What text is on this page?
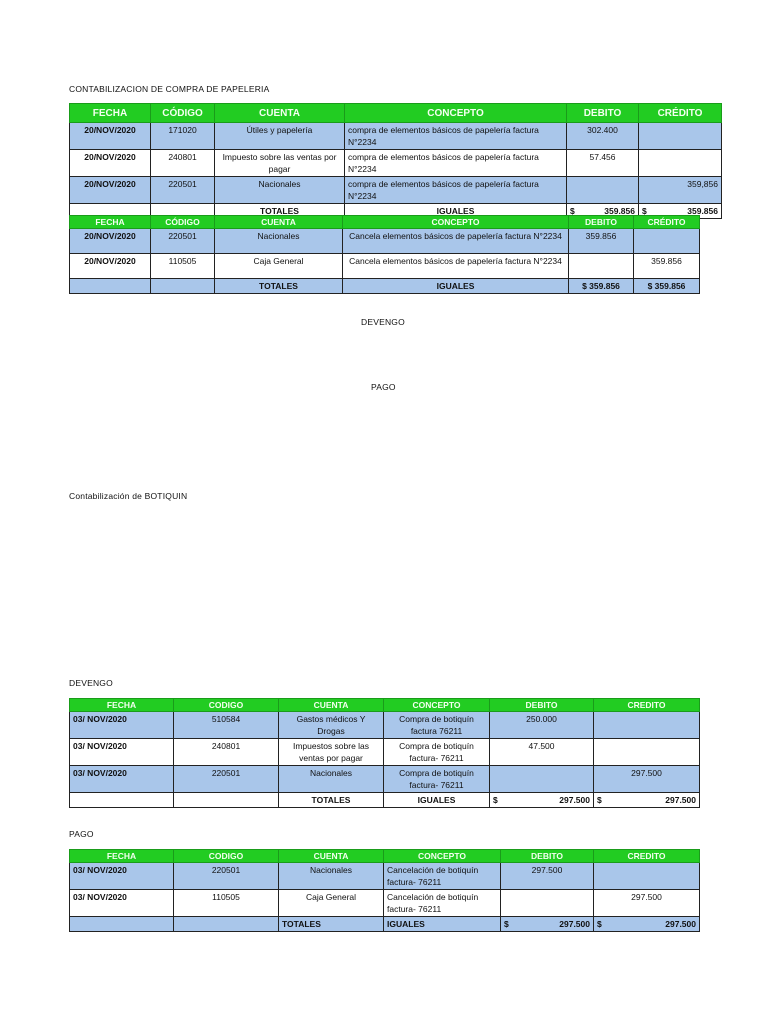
CONTABILIZACION DE COMPRA DE PAPELERIA
FECHA	CÓDIGO	CUENTA	CONCEPTO	DEBITO	CRÉDITO
20/NOV/2020	171020	Útiles y papelería	compra de elementos básicos de papelería factura N°2234	302.400	
20/NOV/2020	240801	Impuesto sobre las ventas por pagar	compra de elementos básicos de papelería factura N°2234	57.456	
20/NOV/2020	220501	Nacionales	compra de elementos básicos de papelería factura N°2234		359,856
		TOTALES	IGUALES	$ 359.856	$ 359.856
FECHA	CÓDIGO	CUENTA	CONCEPTO	DEBITO	CRÉDITO
20/NOV/2020	220501	Nacionales	Cancela elementos básicos de papelería factura N°2234	359.856	
20/NOV/2020	110505	Caja General	Cancela elementos básicos de papelería factura N°2234		359.856
		TOTALES	IGUALES	$ 359.856	$ 359.856
DEVENGO
PAGO
Contabilización de BOTIQUIN
DEVENGO
FECHA	CODIGO	CUENTA	CONCEPTO	DEBITO	CREDITO
03/ NOV/2020	510584	Gastos médicos Y Drogas	Compra de botiquín factura 76211	250.000	
03/ NOV/2020	240801	Impuestos sobre las ventas por pagar	Compra de botiquín factura- 76211	47.500	
03/ NOV/2020	220501	Nacionales	Compra de botiquín factura- 76211		297.500
		TOTALES	IGUALES	$ 297.500	$ 297.500
PAGO
FECHA	CODIGO	CUENTA	CONCEPTO	DEBITO	CREDITO
03/ NOV/2020	220501	Nacionales	Cancelación de botiquín factura- 76211	297.500	
03/ NOV/2020	110505	Caja General	Cancelación de botiquín factura- 76211		297.500
		TOTALES	IGUALES	$ 297.500	$ 297.500
